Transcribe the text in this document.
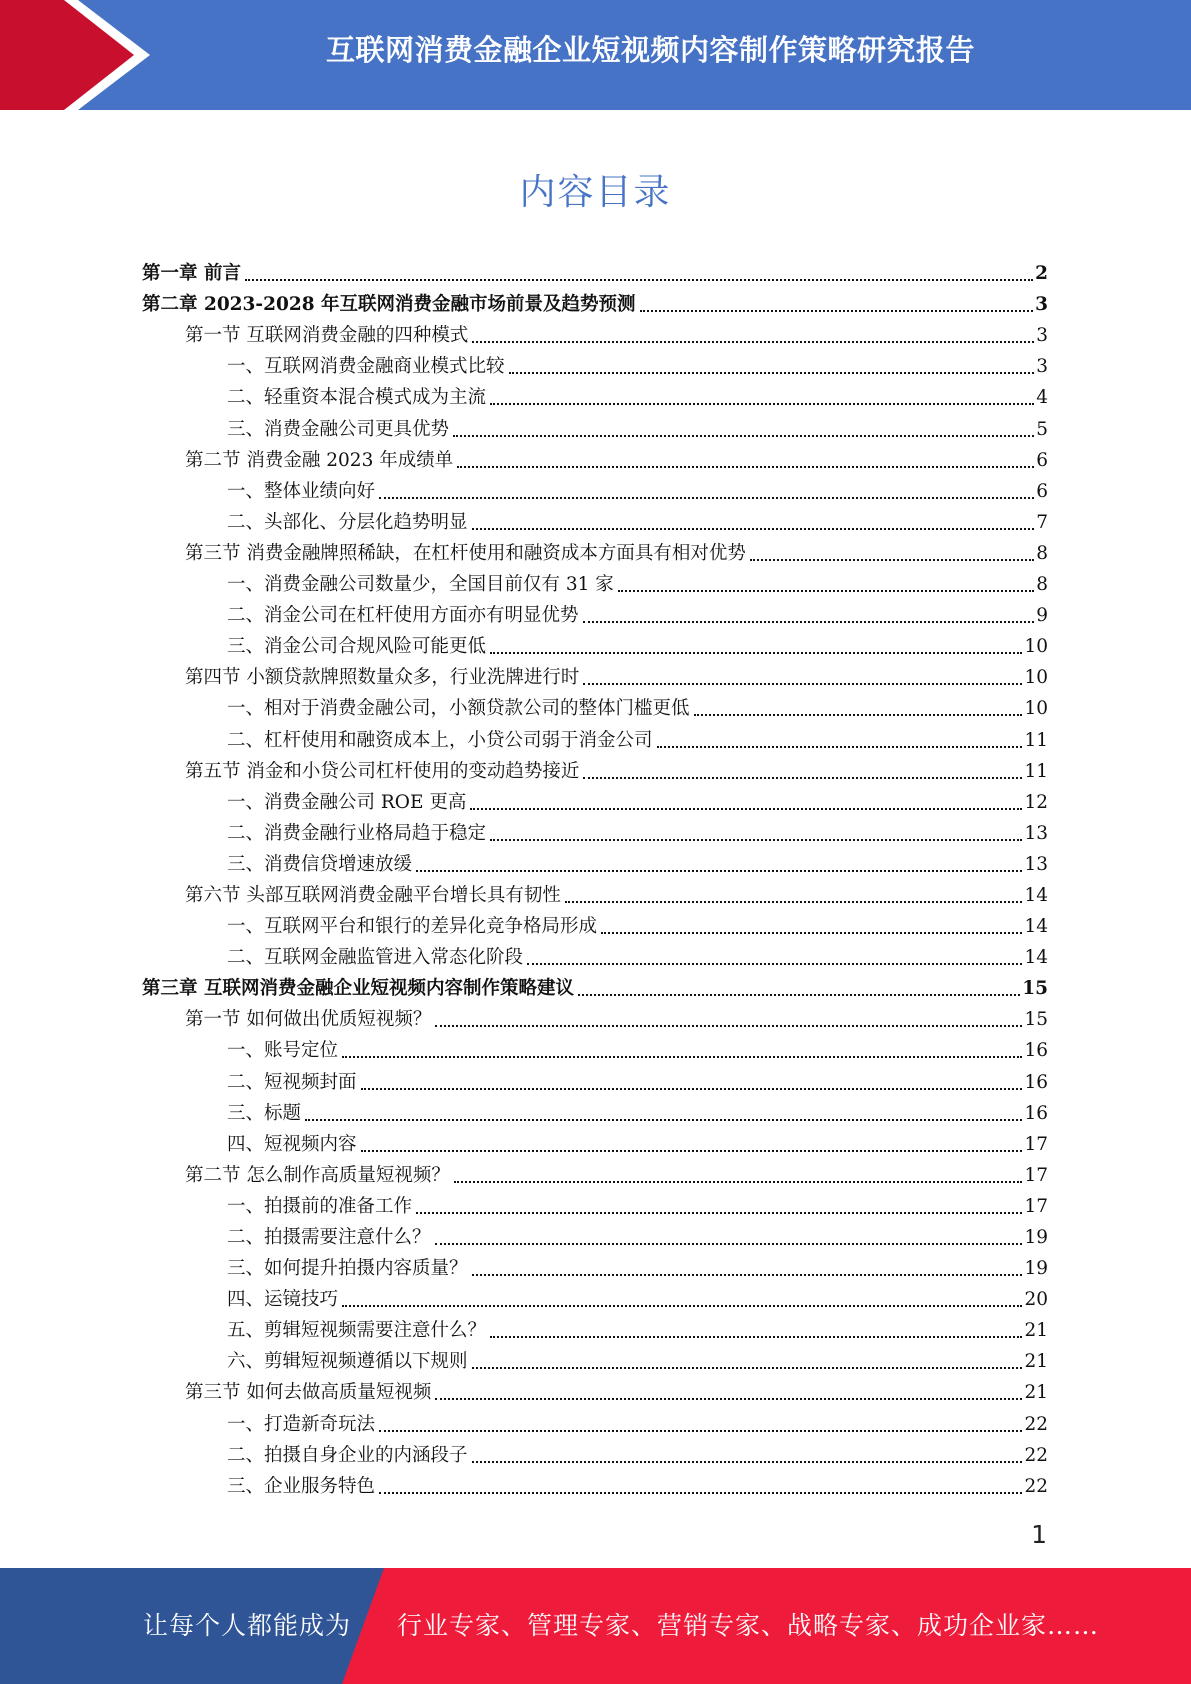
互联网消费金融企业短视频内容制作策略研究报告
内容目录
第一章 前言	2
第二章 2023-2028 年互联网消费金融市场前景及趋势预测	3
第一节 互联网消费金融的四种模式	3
一、互联网消费金融商业模式比较	3
二、轻重资本混合模式成为主流	4
三、消费金融公司更具优势	5
第二节 消费金融 2023 年成绩单	6
一、整体业绩向好	6
二、头部化、分层化趋势明显	7
第三节 消费金融牌照稀缺，在杠杆使用和融资成本方面具有相对优势	8
一、消费金融公司数量少，全国目前仅有 31 家	8
二、消金公司在杠杆使用方面亦有明显优势	9
三、消金公司合规风险可能更低	10
第四节 小额贷款牌照数量众多，行业洗牌进行时	10
一、相对于消费金融公司，小额贷款公司的整体门槛更低	10
二、杠杆使用和融资成本上，小贷公司弱于消金公司	11
第五节 消金和小贷公司杠杆使用的变动趋势接近	11
一、消费金融公司 ROE 更高	12
二、消费金融行业格局趋于稳定	13
三、消费信贷增速放缓	13
第六节 头部互联网消费金融平台增长具有韧性	14
一、互联网平台和银行的差异化竞争格局形成	14
二、互联网金融监管进入常态化阶段	14
第三章 互联网消费金融企业短视频内容制作策略建议	15
第一节 如何做出优质短视频？	15
一、账号定位	16
二、短视频封面	16
三、标题	16
四、短视频内容	17
第二节 怎么制作高质量短视频？	17
一、拍摄前的准备工作	17
二、拍摄需要注意什么？	19
三、如何提升拍摄内容质量？	19
四、运镜技巧	20
五、剪辑短视频需要注意什么？	21
六、剪辑短视频遵循以下规则	21
第三节 如何去做高质量短视频	21
一、打造新奇玩法	22
二、拍摄自身企业的内涵段子	22
三、企业服务特色	22
1
让每个人都能成为 行业专家、管理专家、营销专家、战略专家、成功企业家……
